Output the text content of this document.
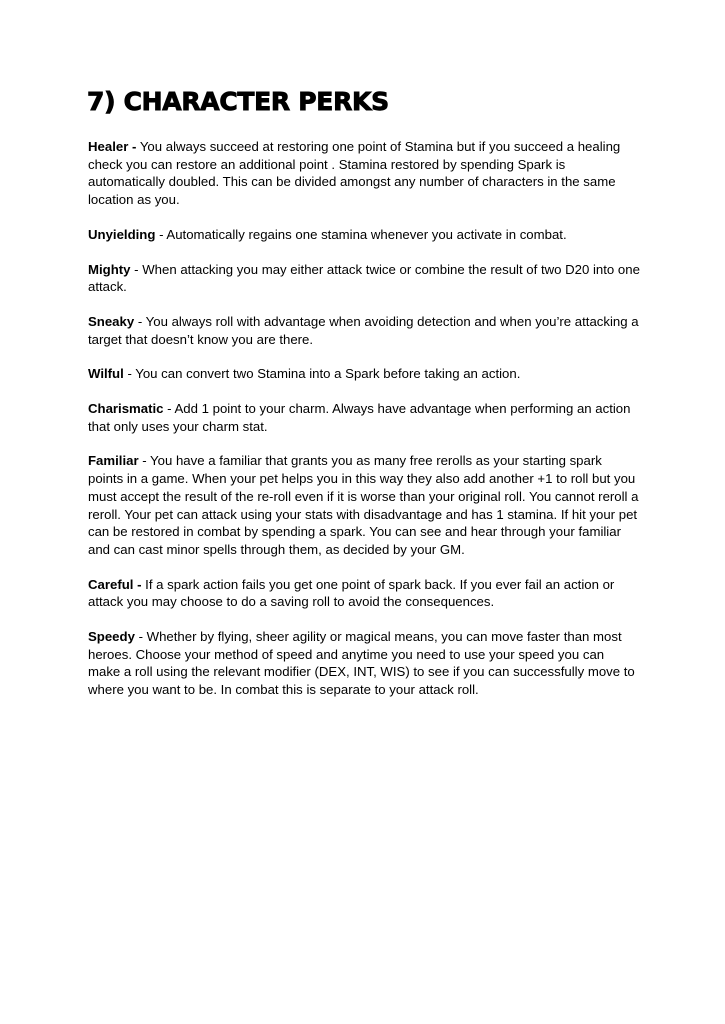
7) CHARACTER PERKS

Healer - You always succeed at restoring one point of Stamina but if you succeed a healing check you can restore an additional point . Stamina restored by spending Spark is automatically doubled. This can be divided amongst any number of characters in the same location as you.

Unyielding - Automatically regains one stamina whenever you activate in combat.

Mighty - When attacking you may either attack twice or combine the result of two D20 into one attack.

Sneaky - You always roll with advantage when avoiding detection and when you’re attacking a target that doesn’t know you are there.

Wilful - You can convert two Stamina into a Spark before taking an action.

Charismatic - Add 1 point to your charm. Always have advantage when performing an action that only uses your charm stat.

Familiar - You have a familiar that grants you as many free rerolls as your starting spark points in a game. When your pet helps you in this way they also add another +1 to roll but you must accept the result of the re-roll even if it is worse than your original roll. You cannot reroll a reroll. Your pet can attack using your stats with disadvantage and has 1 stamina. If hit your pet can be restored in combat by spending a spark. You can see and hear through your familiar and can cast minor spells through them, as decided by your GM.

Careful - If a spark action fails you get one point of spark back. If you ever fail an action or attack you may choose to do a saving roll to avoid the consequences.

Speedy - Whether by flying, sheer agility or magical means, you can move faster than most heroes. Choose your method of speed and anytime you need to use your speed you can make a roll using the relevant modifier (DEX, INT, WIS) to see if you can successfully move to where you want to be. In combat this is separate to your attack roll.
